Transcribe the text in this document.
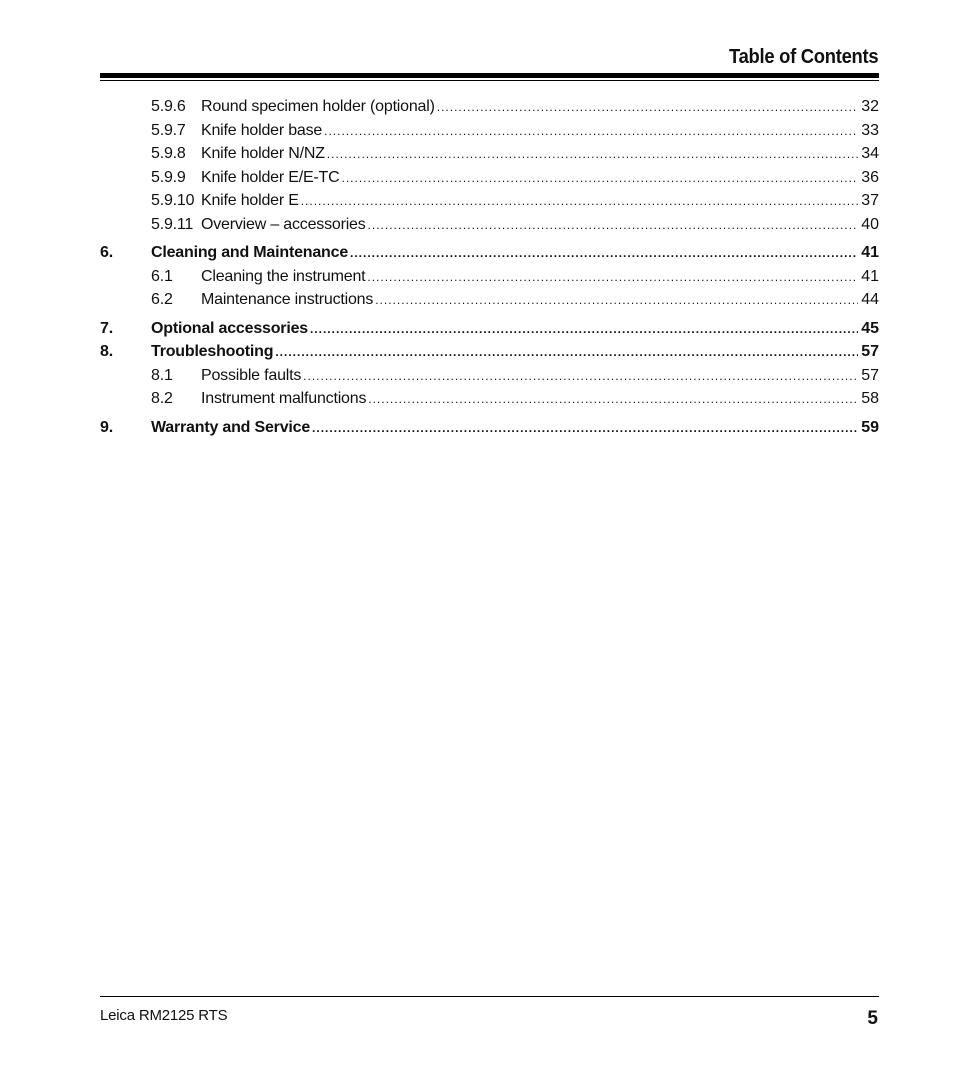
Table of Contents
5.9.6 Round specimen holder (optional) .....	32
5.9.7 Knife holder base .....	33
5.9.8 Knife holder N/NZ .....	34
5.9.9 Knife holder E/E-TC .....	36
5.9.10 Knife holder E .....	37
5.9.11 Overview – accessories .....	40
6.	Cleaning and Maintenance .....	41
6.1	Cleaning the instrument .....	41
6.2	Maintenance instructions .....	44
7.	Optional accessories .....	45
8.	Troubleshooting .....	57
8.1	Possible faults .....	57
8.2	Instrument malfunctions .....	58
9.	Warranty and Service .....	59
Leica RM2125 RTS	5
